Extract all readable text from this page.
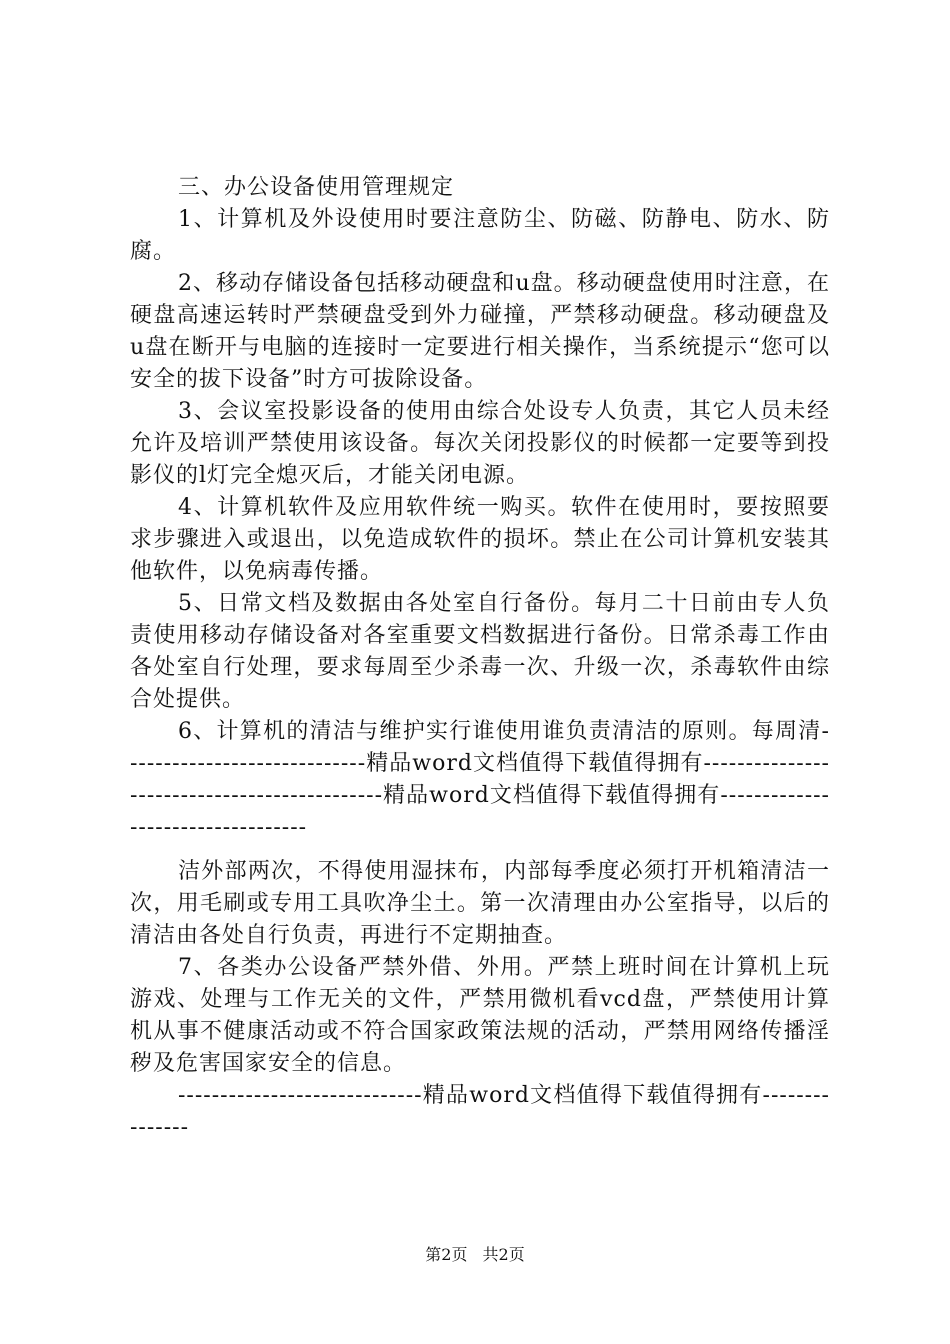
三、办公设备使用管理规定

1、计算机及外设使用时要注意防尘、防磁、防静电、防水、防腐。

2、移动存储设备包括移动硬盘和u盘。移动硬盘使用时注意，在硬盘高速运转时严禁硬盘受到外力碰撞，严禁移动硬盘。移动硬盘及u盘在断开与电脑的连接时一定要进行相关操作，当系统提示“您可以安全的拔下设备”时方可拔除设备。

3、会议室投影设备的使用由综合处设专人负责，其它人员未经允许及培训严禁使用该设备。每次关闭投影仪的时候都一定要等到投影仪的l灯完全熄灭后，才能关闭电源。

4、计算机软件及应用软件统一购买。软件在使用时，要按照要求步骤进入或退出，以免造成软件的损坏。禁止在公司计算机安装其他软件，以免病毒传播。

5、日常文档及数据由各处室自行备份。每月二十日前由专人负责使用移动存储设备对各室重要文档数据进行备份。日常杀毒工作由各处室自行处理，要求每周至少杀毒一次、升级一次，杀毒软件由综合处提供。

6、计算机的清洁与维护实行谁使用谁负责清洁的原则。每周清-----------------------------精品word文档值得下载值得拥有---------------------------------------------精品word文档值得下载值得拥有----------------------------------

洁外部两次，不得使用湿抹布，内部每季度必须打开机箱清洁一次，用毛刷或专用工具吹净尘土。第一次清理由办公室指导，以后的清洁由各处自行负责，再进行不定期抽查。

7、各类办公设备严禁外借、外用。严禁上班时间在计算机上玩游戏、处理与工作无关的文件，严禁用微机看vcd盘，严禁使用计算机从事不健康活动或不符合国家政策法规的活动，严禁用网络传播淫秽及危害国家安全的信息。

-----------------------------精品word文档值得下载值得拥有---------------

第2页 共2页
